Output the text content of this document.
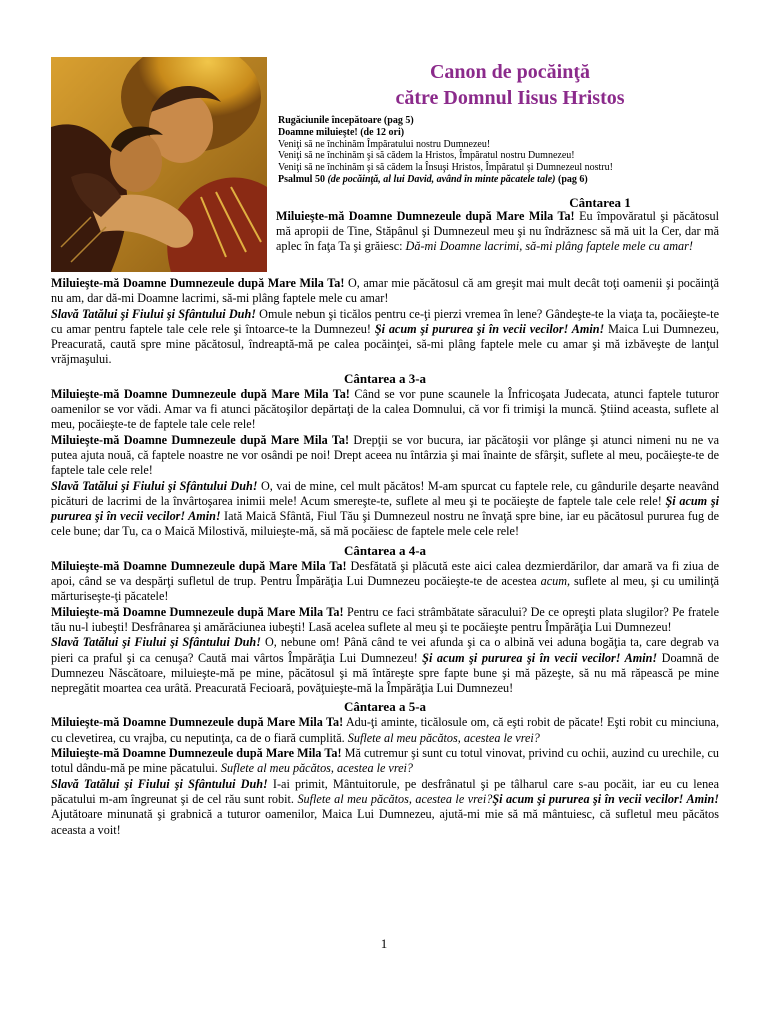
Canon de pocăinţă
către Domnul Iisus Hristos
Rugăciunile începătoare (pag 5)
Doamne miluieşte! (de 12 ori)
Veniţi să ne închinăm Împăratului nostru Dumnezeu!
Veniţi să ne închinăm şi să cădem la Hristos, Împăratul nostru Dumnezeu!
Veniţi să ne închinăm şi să cădem la Însuşi Hristos, Împăratul şi Dumnezeul nostru!
Psalmul 50 (de pocăinţă, al lui David, având în minte păcatele tale) (pag 6)
Cântarea 1
Miluieşte-mă Doamne Dumnezeule după Mare Mila Ta! Eu împovăratul şi păcătosul mă apropii de Tine, Stăpânul şi Dumnezeul meu şi nu îndrăznesc să mă uit la Cer, dar mă aplec în faţa Ta şi grăiesc: Dă-mi Doamne lacrimi, să-mi plâng faptele mele cu amar!

Miluieşte-mă Doamne Dumnezeule după Mare Mila Ta! O, amar mie păcătosul că am greşit mai mult decât toţi oamenii şi pocăinţă nu am, dar dă-mi Doamne lacrimi, să-mi plâng faptele mele cu amar!

Slavă Tatălui şi Fiului şi Sfântului Duh! Omule nebun şi ticălos pentru ce-ţi pierzi vremea în lene? Gândeşte-te la viaţa ta, pocăieşte-te cu amar pentru faptele tale cele rele şi întoarce-te la Dumnezeu! Şi acum şi pururea şi în vecii vecilor! Amin! Maica Lui Dumnezeu, Preacurată, caută spre mine păcătosul, îndreaptă-mă pe calea pocăinţei, să-mi plâng faptele mele cu amar şi mă izbăveşte de lanţul vrăjmaşului.

Cântarea a 3-a

Miluieşte-mă Doamne Dumnezeule după Mare Mila Ta! Când se vor pune scaunele la Înfricoşata Judecata, atunci faptele tuturor oamenilor se vor vădi. Amar va fi atunci păcătoşilor depărtaţi de la calea Domnului, că vor fi trimişi la muncă. Ştiind aceasta, suflete al meu, pocăieşte-te de faptele tale cele rele!

Miluieşte-mă Doamne Dumnezeule după Mare Mila Ta! Drepţii se vor bucura, iar păcătoşii vor plânge şi atunci nimeni nu ne va putea ajuta nouă, că faptele noastre ne vor osândi pe noi! Drept aceea nu întârzia şi mai înainte de sfârşit, suflete al meu, pocăieşte-te de faptele tale cele rele!

Slavă Tatălui şi Fiului şi Sfântului Duh! O, vai de mine, cel mult păcătos! M-am spurcat cu faptele rele, cu gândurile deşarte neavând picături de lacrimi de la învârtoşarea inimii mele! Acum smereşte-te, suflete al meu şi te pocăieşte de faptele tale cele rele! Şi acum şi pururea şi în vecii vecilor! Amin! Iată Maică Sfântă, Fiul Tău şi Dumnezeul nostru ne învaţă spre bine, iar eu păcătosul pururea fug de cele bune; dar Tu, ca o Maică Milostivă, miluieşte-mă, să mă pocăiesc de faptele mele cele rele!

Cântarea a 4-a

Miluieşte-mă Doamne Dumnezeule după Mare Mila Ta! Desfătată şi plăcută este aici calea dezmierdărilor, dar amară va fi ziua de apoi, când se va despărţi sufletul de trup. Pentru Împărăţia Lui Dumnezeu pocăieşte-te de acestea acum, suflete al meu, şi cu umilinţă mărturiseşte-ţi păcatele!

Miluieşte-mă Doamne Dumnezeule după Mare Mila Ta! Pentru ce faci strâmbătate săracului? De ce opreşti plata slugilor? Pe fratele tău nu-l iubeşti! Desfrânarea şi amărăciunea iubeşti! Lasă acelea suflete al meu şi te pocăieşte pentru Împărăţia Lui Dumnezeu!

Slavă Tatălui şi Fiului şi Sfântului Duh! O, nebune om! Până când te vei afunda şi ca o albină vei aduna bogăţia ta, care degrab va pieri ca praful şi ca cenuşa? Caută mai vârtos Împărăţia Lui Dumnezeu! Şi acum şi pururea şi în vecii vecilor! Amin! Doamnă de Dumnezeu Născătoare, miluieşte-mă pe mine, păcătosul şi mă întăreşte spre fapte bune şi mă păzeşte, să nu mă răpească pe mine nepregătit moartea cea urâtă. Preacurată Fecioară, povăţuieşte-mă la Împărăţia Lui Dumnezeu!

Cântarea a 5-a

Miluieşte-mă Doamne Dumnezeule după Mare Mila Ta! Adu-ţi aminte, ticălosule om, că eşti robit de păcate! Eşti robit cu minciuna, cu clevetirea, cu vrajba, cu neputinţa, ca de o fiară cumplită. Suflete al meu păcătos, acestea le vrei?

Miluieşte-mă Doamne Dumnezeule după Mare Mila Ta! Mă cutremur şi sunt cu totul vinovat, privind cu ochii, auzind cu urechile, cu totul dându-mă pe mine păcatului. Suflete al meu păcătos, acestea le vrei?

Slavă Tatălui şi Fiului şi Sfântului Duh! I-ai primit, Mântuitorule, pe desfrânatul şi pe tâlharul care s-au pocăit, iar eu cu lenea păcatului m-am îngreunat şi de cel rău sunt robit. Suflete al meu păcătos, acestea le vrei?Şi acum şi pururea şi în vecii vecilor! Amin! Ajutătoare minunată şi grabnică a tuturor oamenilor, Maica Lui Dumnezeu, ajută-mi mie să mă mântuiesc, că sufletul meu păcătos aceasta a voit!

1
